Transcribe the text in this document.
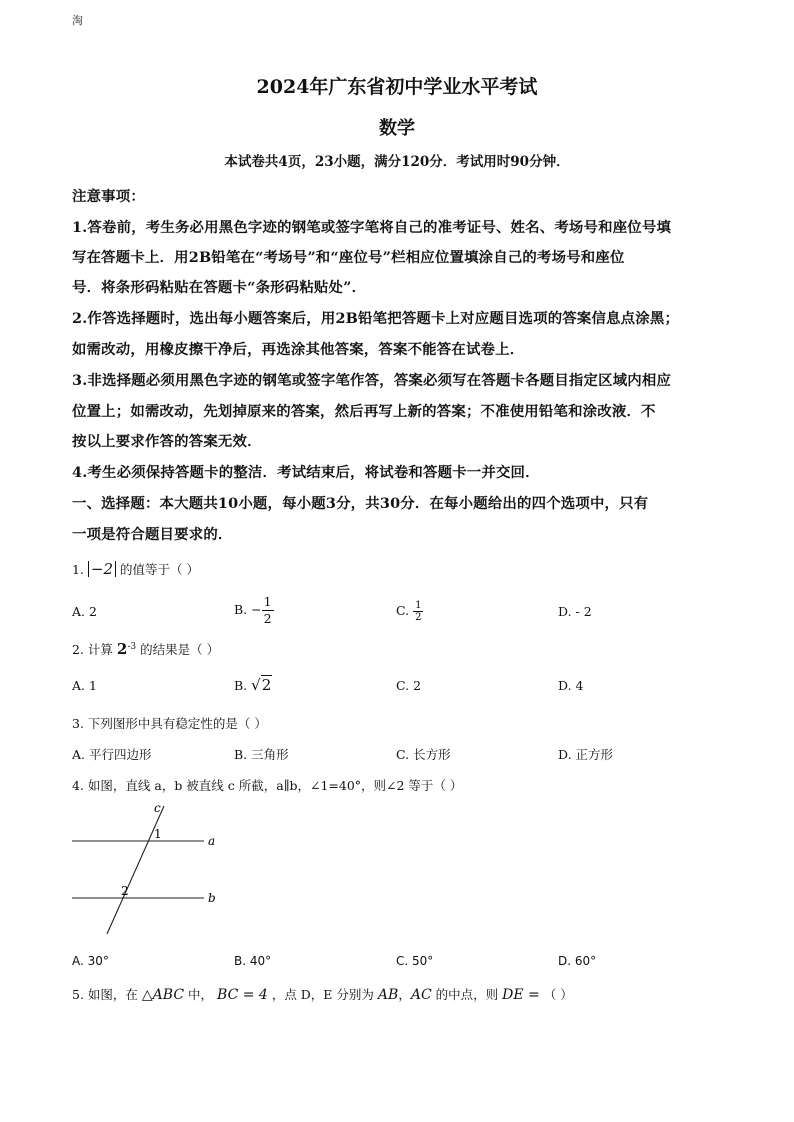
淘
2024年广东省初中学业水平考试
数学
本试卷共4页，23小题，满分120分．考试用时90分钟．
注意事项：
1.答卷前，考生务必用黑色字迹的钢笔或签字笔将自己的准考证号、姓名、考场号和座位号填
写在答题卡上．用2B铅笔在“考场号”和“座位号”栏相应位置填涂自己的考场号和座位
号．将条形码粘贴在答题卡“条形码粘贴处”．
2.作答选择题时，选出每小题答案后，用2B铅笔把答题卡上对应题目选项的答案信息点涂黑；
如需改动，用橡皮擦干净后，再选涂其他答案，答案不能答在试卷上．
3.非选择题必须用黑色字迹的钢笔或签字笔作答，答案必须写在答题卡各题目指定区域内相应
位置上；如需改动，先划掉原来的答案，然后再写上新的答案；不准使用铅笔和涂改液．不
按以上要求作答的答案无效．
4.考生必须保持答题卡的整洁．考试结束后，将试卷和答题卡一并交回．
一、选择题：本大题共10小题，每小题3分，共30分．在每小题给出的四个选项中，只有
一项是符合题目要求的．
1. −2 的值等于（ ）
A. 2	B. − $\frac{1}{2}$	C. $\frac{1}{2}$	D. - 2
2. 计算 $2^{-3}$ 的结果是（ ）
A. 1	B. √2	C. 2	D. 4
3. 下列图形中具有稳定性的是（ ）
A. 平行四边形	B. 三角形	C. 长方形	D. 正方形
4. 如图，直线 a，b 被直线 c 所截，a∥b，∠1=40°，则∠2 等于（ ）
c
a
b
1
2
A. 30°	B. 40°	C. 50°	D. 60°
5. 如图，在 △ABC 中， BC = 4 ，点 D，E 分别为 AB，AC 的中点，则 DE = （ ）
